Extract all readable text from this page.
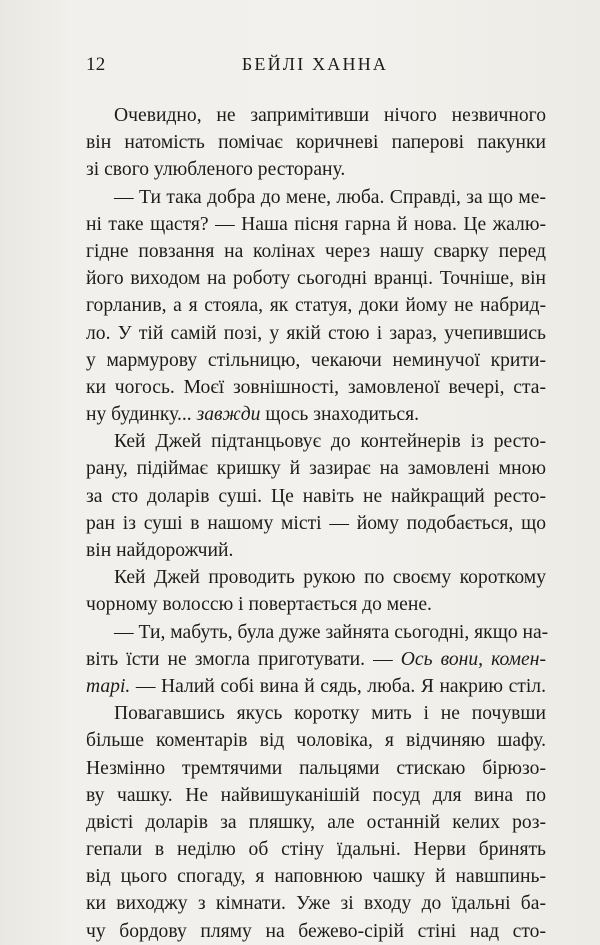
12	БЕЙЛІ ХАННА
Очевидно, не запримітивши нічого незвичного
він натомість помічає коричневі паперові пакунки
зі свого улюбленого ресторану.
— Ти така добра до мене, люба. Справді, за що ме-
ні таке щастя? — Наша пісня гарна й нова. Це жалю-
гідне повзання на колінах через нашу сварку перед
його виходом на роботу сьогодні вранці. Точніше, він
горланив, а я стояла, як статуя, доки йому не набрид-
ло. У тій самій позі, у якій стою і зараз, учепившись
у мармурову стільницю, чекаючи неминучої крити-
ки чогось. Моєї зовнішності, замовленої вечері, ста-
ну будинку... завжди щось знаходиться.
Кей Джей підтанцьовує до контейнерів із ресто-
рану, підіймає кришку й зазирає на замовлені мною
за сто доларів суші. Це навіть не найкращий ресто-
ран із суші в нашому місті — йому подобається, що
він найдорожчий.
Кей Джей проводить рукою по своєму короткому
чорному волоссю і повертається до мене.
— Ти, мабуть, була дуже зайнята сьогодні, якщо на-
віть їсти не змогла приготувати. — Ось вони, комен-
тарі. — Налий собі вина й сядь, люба. Я накрию стіл.
Повагавшись якусь коротку мить і не почувши
більше коментарів від чоловіка, я відчиняю шафу.
Незмінно тремтячими пальцями стискаю бірюзо-
ву чашку. Не найвишуканішій посуд для вина по
двісті доларів за пляшку, але останній келих роз-
гепали в неділю об стіну їдальні. Нерви бринять
від цього спогаду, я наповнюю чашку й навшпинь-
ки виходжу з кімнати. Уже зі входу до їдальні ба-
чу бордову пляму на бежево-сірій стіні над сто-
